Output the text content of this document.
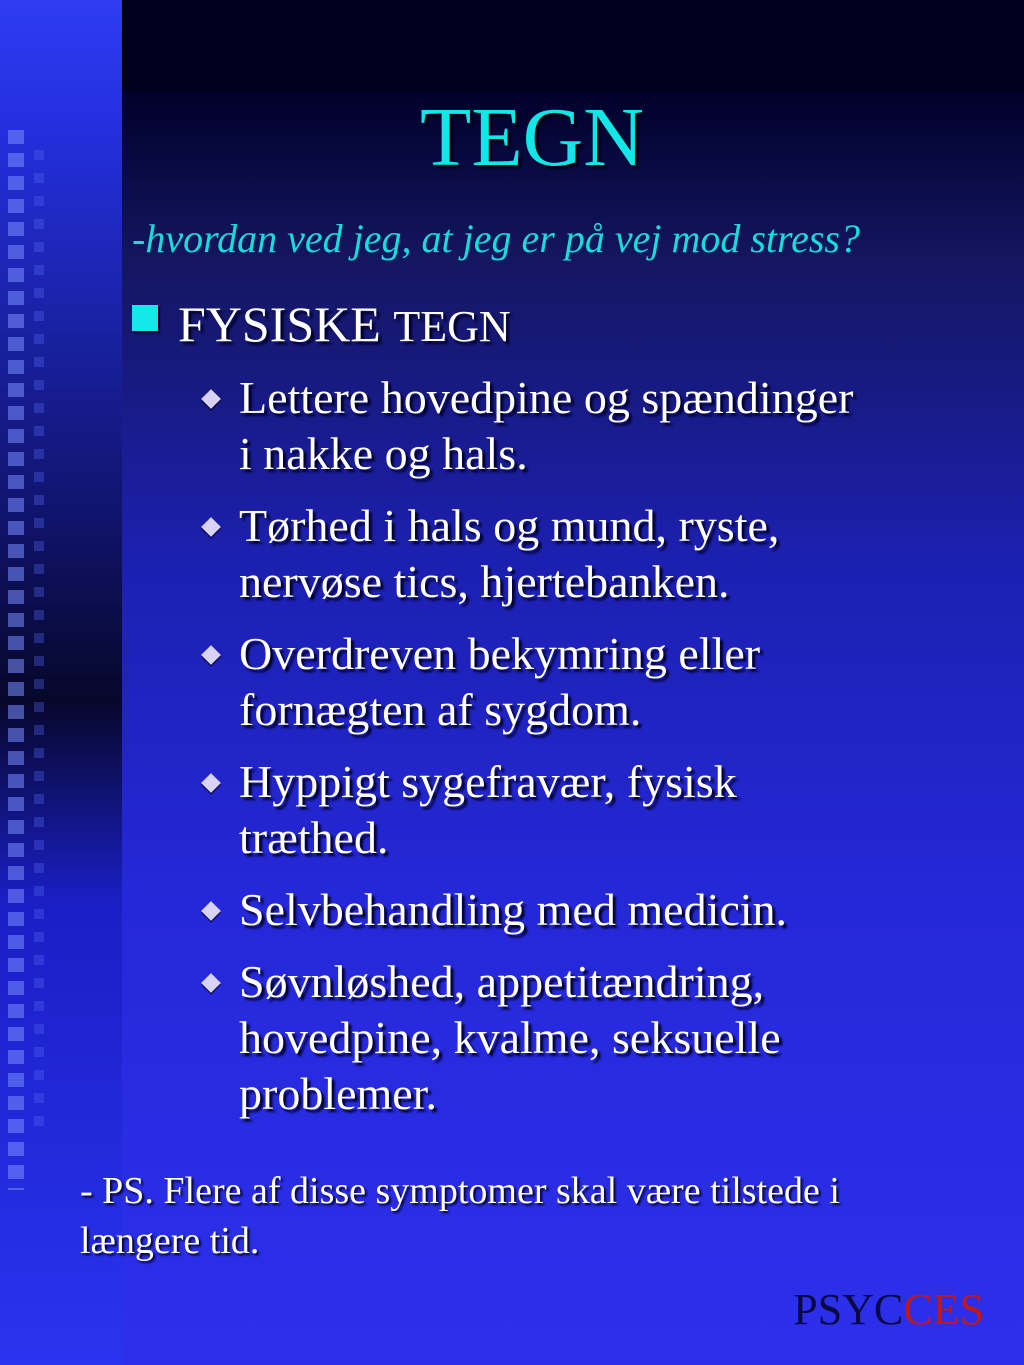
TEGN
-hvordan ved jeg, at jeg er på vej mod stress?
FYSISKE TEGN
Lettere hovedpine og spændinger
i nakke og hals.
Tørhed i hals og mund, ryste,
nervøse tics, hjertebanken.
Overdreven bekymring eller
fornægten af sygdom.
Hyppigt sygefravær, fysisk
træthed.
Selvbehandling med medicin.
Søvnløshed, appetitændring,
hovedpine, kvalme, seksuelle
problemer.
- PS. Flere af disse symptomer skal være tilstede i
længere tid.
PSYCCES
